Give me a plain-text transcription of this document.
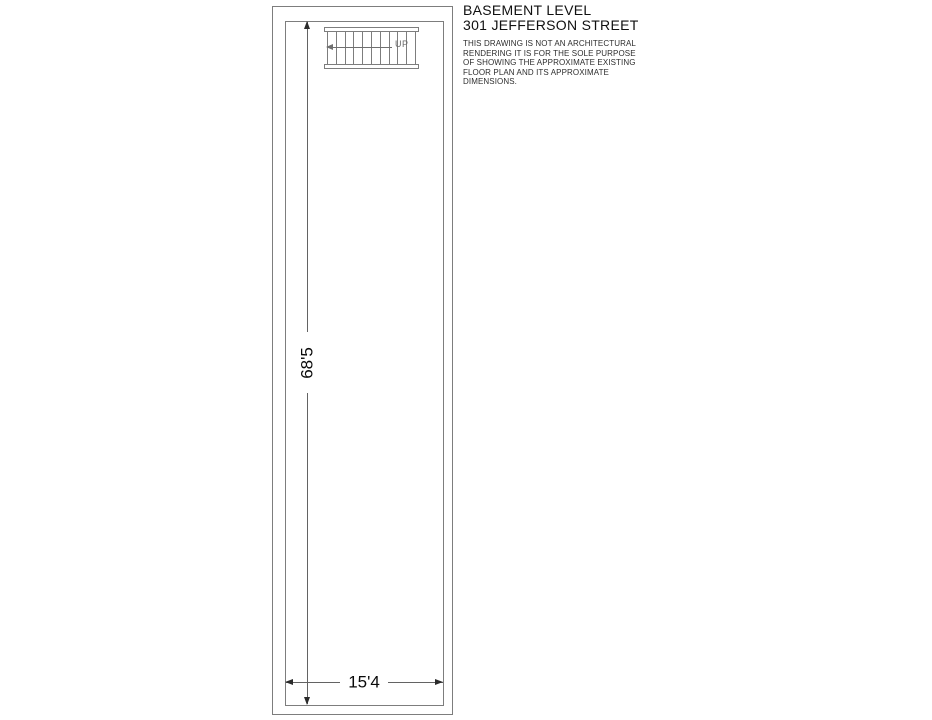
UP
68'5
15'4
BASEMENT LEVEL
301 JEFFERSON STREET
THIS DRAWING IS NOT AN ARCHITECTURAL
RENDERING IT IS FOR THE SOLE PURPOSE
OF SHOWING THE APPROXIMATE EXISTING
FLOOR PLAN AND ITS APPROXIMATE
DIMENSIONS.
